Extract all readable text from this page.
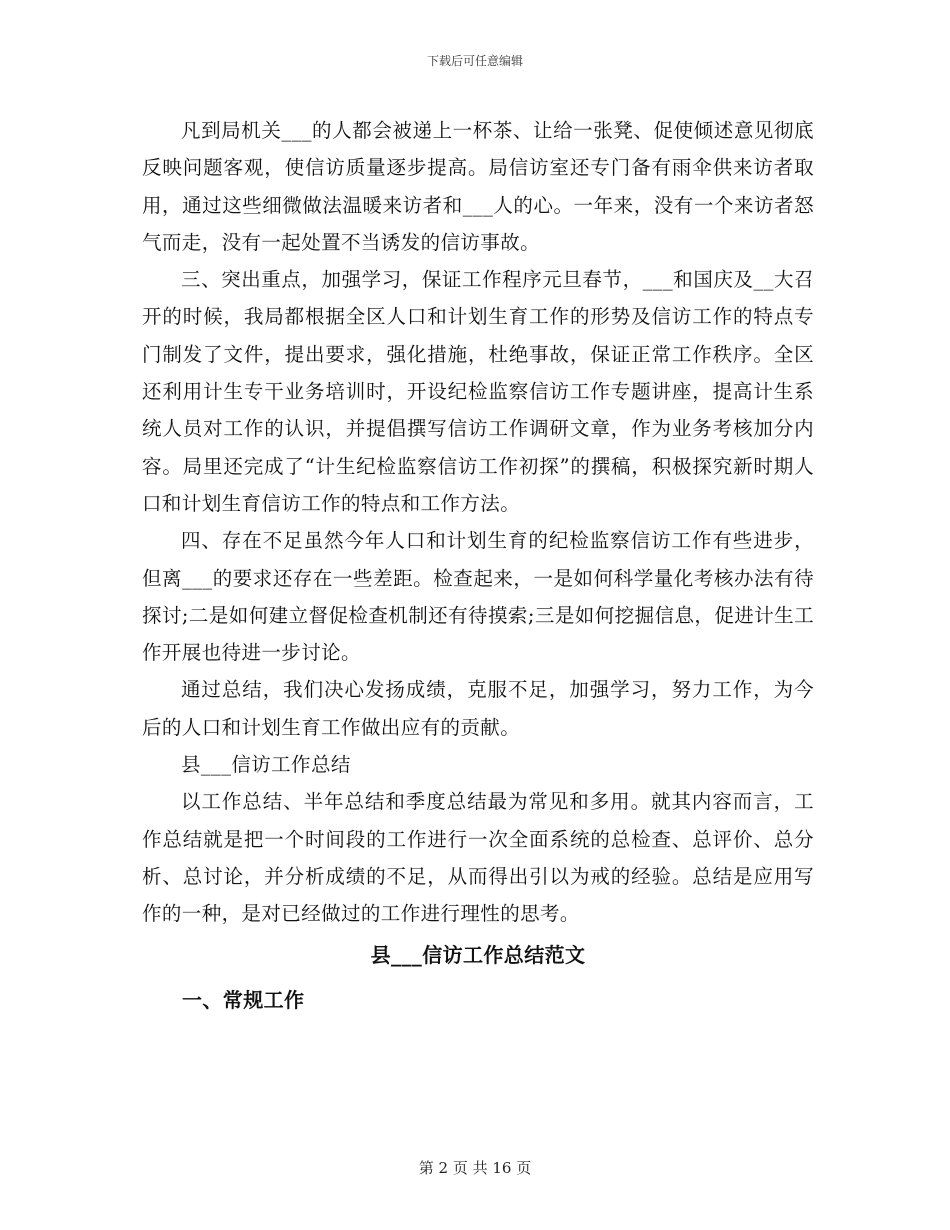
下载后可任意编辑

凡到局机关___的人都会被递上一杯茶、让给一张凳、促使倾述意见彻底反映问题客观，使信访质量逐步提高。局信访室还专门备有雨伞供来访者取用，通过这些细微做法温暖来访者和___人的心。一年来，没有一个来访者怒气而走，没有一起处置不当诱发的信访事故。

三、突出重点，加强学习，保证工作程序元旦春节，___和国庆及__大召开的时候，我局都根据全区人口和计划生育工作的形势及信访工作的特点专门制发了文件，提出要求，强化措施，杜绝事故，保证正常工作秩序。全区还利用计生专干业务培训时，开设纪检监察信访工作专题讲座，提高计生系统人员对工作的认识，并提倡撰写信访工作调研文章，作为业务考核加分内容。局里还完成了“计生纪检监察信访工作初探”的撰稿，积极探究新时期人口和计划生育信访工作的特点和工作方法。

四、存在不足虽然今年人口和计划生育的纪检监察信访工作有些进步，但离___的要求还存在一些差距。检查起来，一是如何科学量化考核办法有待探讨;二是如何建立督促检查机制还有待摸索;三是如何挖掘信息，促进计生工作开展也待进一步讨论。

通过总结，我们决心发扬成绩，克服不足，加强学习，努力工作，为今后的人口和计划生育工作做出应有的贡献。

县___信访工作总结

以工作总结、半年总结和季度总结最为常见和多用。就其内容而言，工作总结就是把一个时间段的工作进行一次全面系统的总检查、总评价、总分析、总讨论，并分析成绩的不足，从而得出引以为戒的经验。总结是应用写作的一种，是对已经做过的工作进行理性的思考。

县___信访工作总结范文

一、常规工作

第 2 页 共 16 页
